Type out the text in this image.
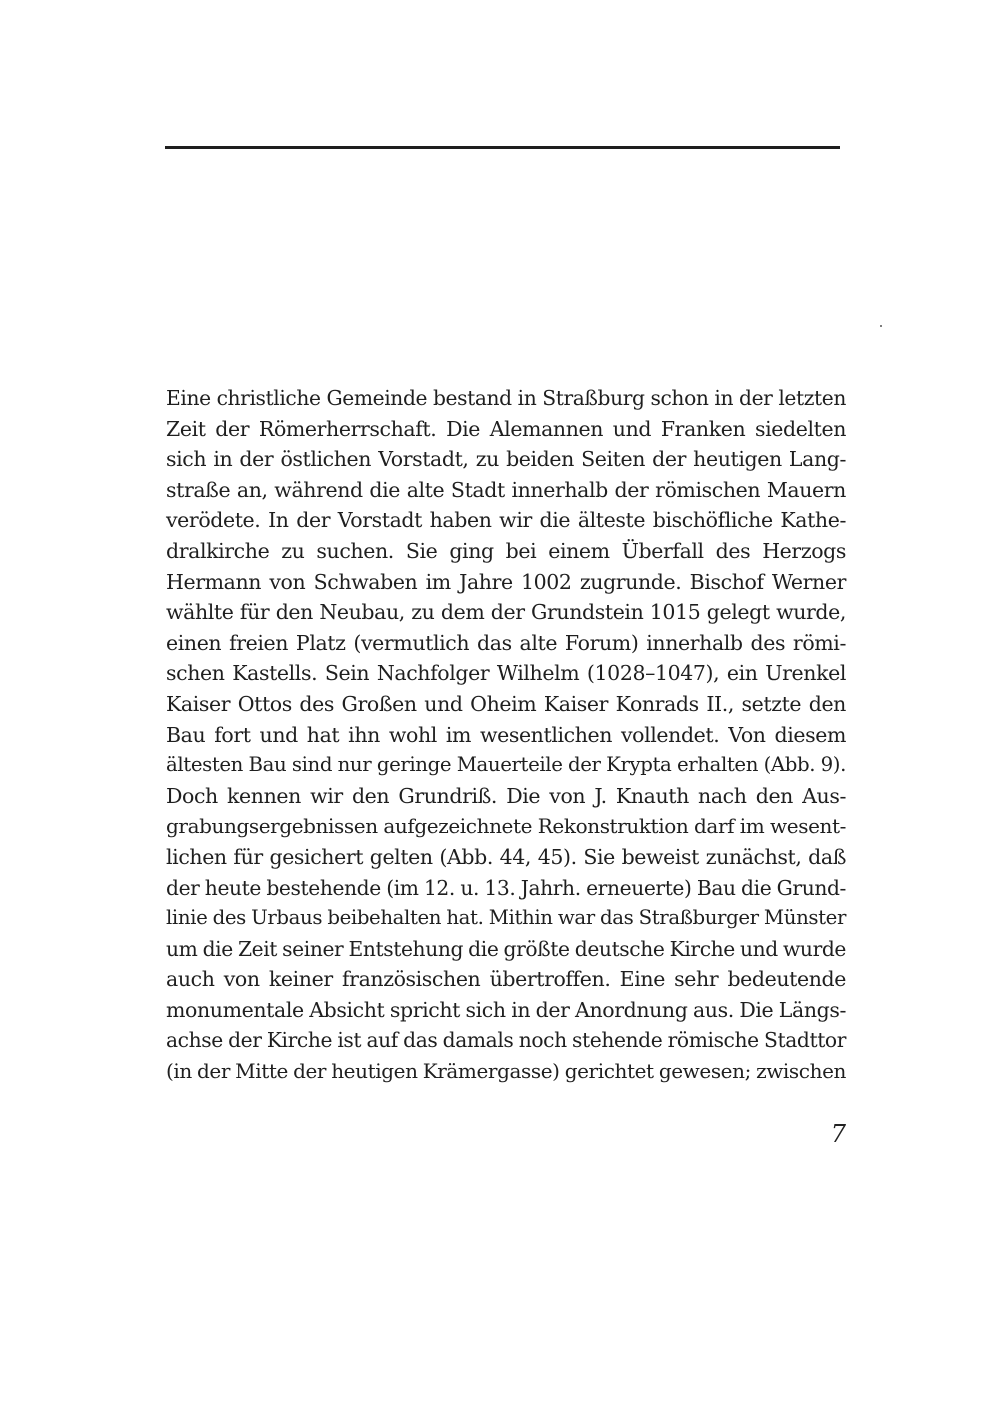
Eine christliche Gemeinde bestand in Straßburg schon in der letzten
Zeit der Römerherrschaft. Die Alemannen und Franken siedelten
sich in der östlichen Vorstadt, zu beiden Seiten der heutigen Lang-
straße an, während die alte Stadt innerhalb der römischen Mauern
verödete. In der Vorstadt haben wir die älteste bischöfliche Kathe-
dralkirche zu suchen. Sie ging bei einem Überfall des Herzogs
Hermann von Schwaben im Jahre 1002 zugrunde. Bischof Werner
wählte für den Neubau, zu dem der Grundstein 1015 gelegt wurde,
einen freien Platz (vermutlich das alte Forum) innerhalb des römi-
schen Kastells. Sein Nachfolger Wilhelm (1028–1047), ein Urenkel
Kaiser Ottos des Großen und Oheim Kaiser Konrads II., setzte den
Bau fort und hat ihn wohl im wesentlichen vollendet. Von diesem
ältesten Bau sind nur geringe Mauerteile der Krypta erhalten (Abb. 9).
Doch kennen wir den Grundriß. Die von J. Knauth nach den Aus-
grabungsergebnissen aufgezeichnete Rekonstruktion darf im wesent-
lichen für gesichert gelten (Abb. 44, 45). Sie beweist zunächst, daß
der heute bestehende (im 12. u. 13. Jahrh. erneuerte) Bau die Grund-
linie des Urbaus beibehalten hat. Mithin war das Straßburger Münster
um die Zeit seiner Entstehung die größte deutsche Kirche und wurde
auch von keiner französischen übertroffen. Eine sehr bedeutende
monumentale Absicht spricht sich in der Anordnung aus. Die Längs-
achse der Kirche ist auf das damals noch stehende römische Stadttor
(in der Mitte der heutigen Krämergasse) gerichtet gewesen; zwischen
7
